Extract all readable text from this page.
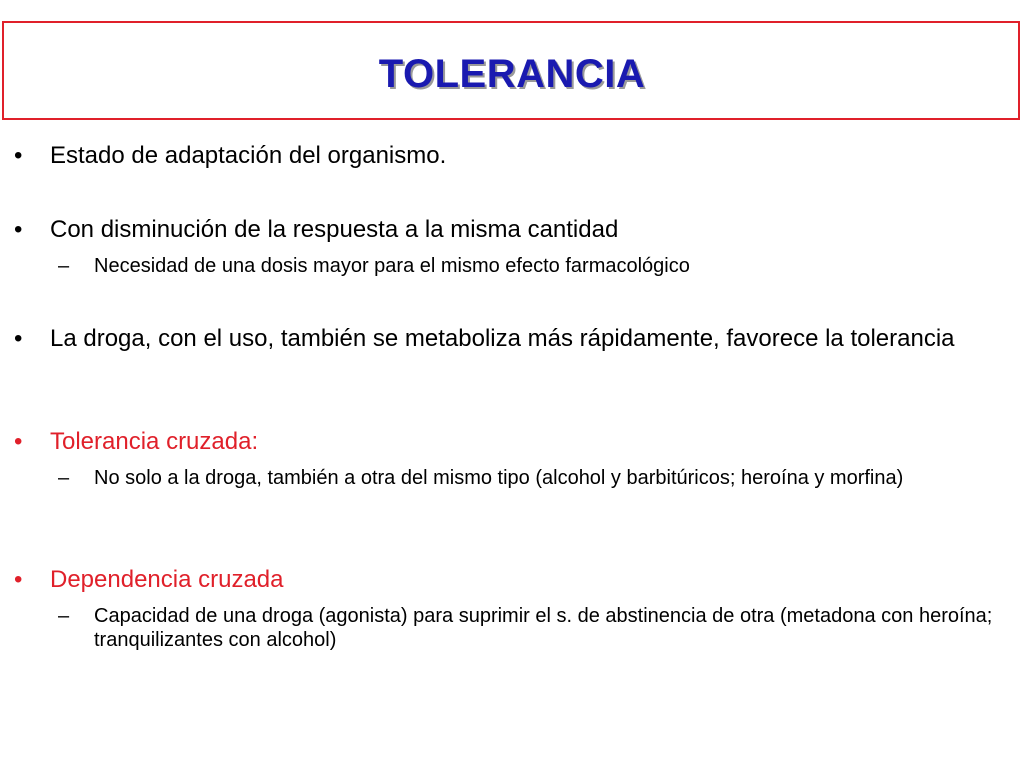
TOLERANCIA
•	Estado de adaptación del organismo.
•	Con disminución de la respuesta a la misma cantidad
–	Necesidad de una dosis mayor para el mismo efecto farmacológico
•	La droga, con el uso, también se metaboliza más rápidamente, favorece la tolerancia
•	Tolerancia cruzada:
–	No solo a la droga, también a otra del mismo tipo (alcohol y barbitúricos; heroína y morfina)
•	Dependencia cruzada
–	Capacidad de una droga (agonista) para suprimir el s. de abstinencia de otra (metadona con heroína; tranquilizantes con alcohol)
